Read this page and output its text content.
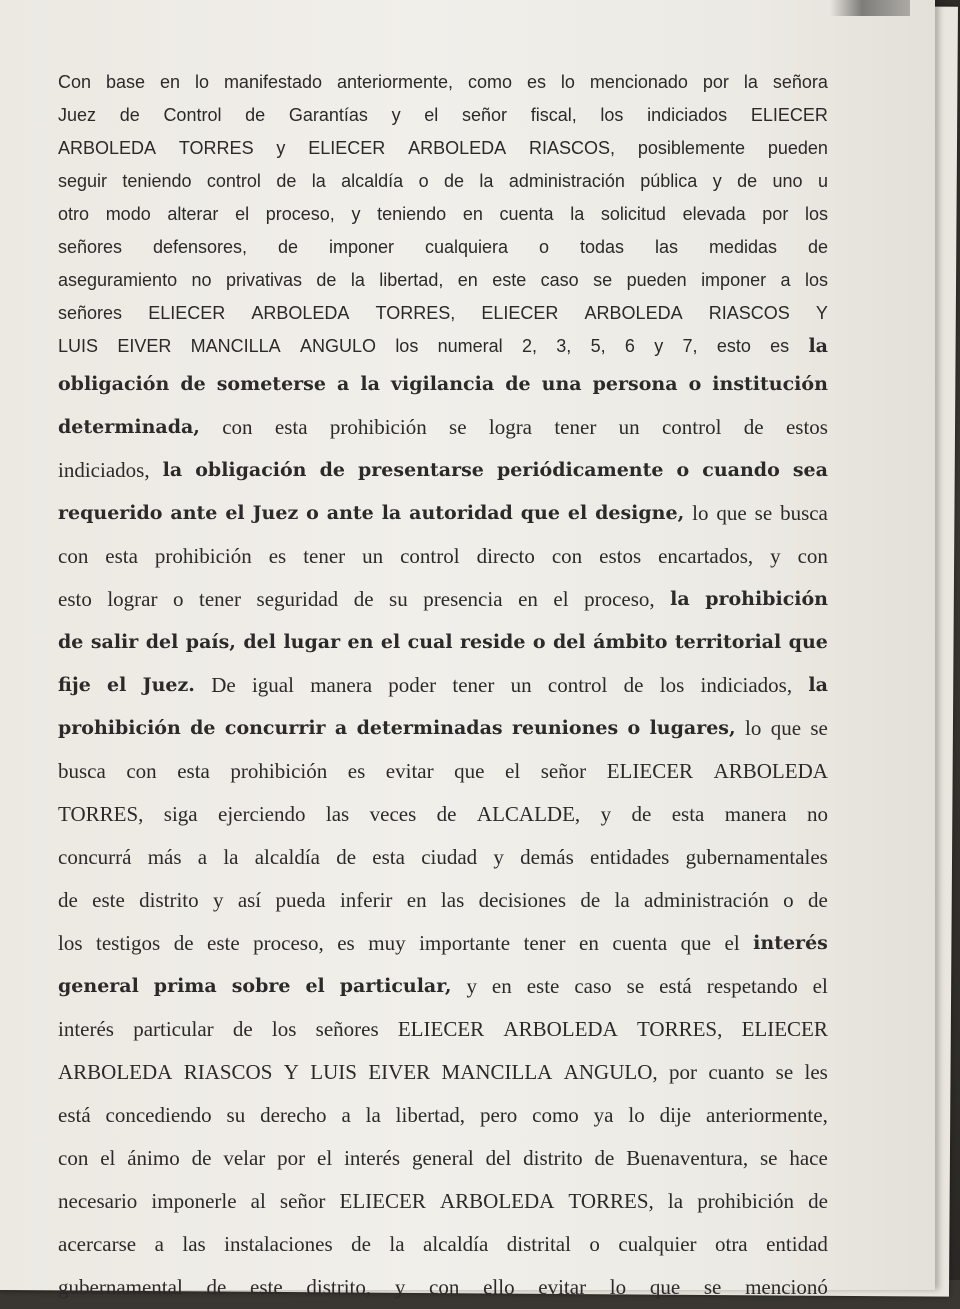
Con base en lo manifestado anteriormente, como es lo mencionado por la señora
Juez de Control de Garantías y el señor fiscal, los indiciados ELIECER
ARBOLEDA TORRES y ELIECER ARBOLEDA RIASCOS, posiblemente pueden
seguir teniendo control de la alcaldía o de la administración pública y de uno u
otro modo alterar el proceso, y teniendo en cuenta la solicitud elevada por los
señores defensores, de imponer cualquiera o todas las medidas de
aseguramiento no privativas de la libertad, en este caso se pueden imponer a los
señores ELIECER ARBOLEDA TORRES, ELIECER ARBOLEDA RIASCOS Y
LUIS EIVER MANCILLA ANGULO los numeral 2, 3, 5, 6 y 7, esto es la
obligación de someterse a la vigilancia de una persona o institución
determinada, con esta prohibición se logra tener un control de estos
indiciados, la obligación de presentarse periódicamente o cuando sea
requerido ante el Juez o ante la autoridad que el designe, lo que se busca
con esta prohibición es tener un control directo con estos encartados, y con
esto lograr o tener seguridad de su presencia en el proceso, la prohibición
de salir del país, del lugar en el cual reside o del ámbito territorial que
fije el Juez. De igual manera poder tener un control de los indiciados, la
prohibición de concurrir a determinadas reuniones o lugares, lo que se
busca con esta prohibición es evitar que el señor ELIECER ARBOLEDA
TORRES, siga ejerciendo las veces de ALCALDE, y de esta manera no
concurrá más a la alcaldía de esta ciudad y demás entidades gubernamentales
de este distrito y así pueda inferir en las decisiones de la administración o de
los testigos de este proceso, es muy importante tener en cuenta que el interés
general prima sobre el particular, y en este caso se está respetando el
interés particular de los señores ELIECER ARBOLEDA TORRES, ELIECER
ARBOLEDA RIASCOS Y LUIS EIVER MANCILLA ANGULO, por cuanto se les
está concediendo su derecho a la libertad, pero como ya lo dije anteriormente,
con el ánimo de velar por el interés general del distrito de Buenaventura, se hace
necesario imponerle al señor ELIECER ARBOLEDA TORRES, la prohibición de
acercarse a las instalaciones de la alcaldía distrital o cualquier otra entidad
gubernamental de este distrito, y con ello evitar lo que se mencionó
